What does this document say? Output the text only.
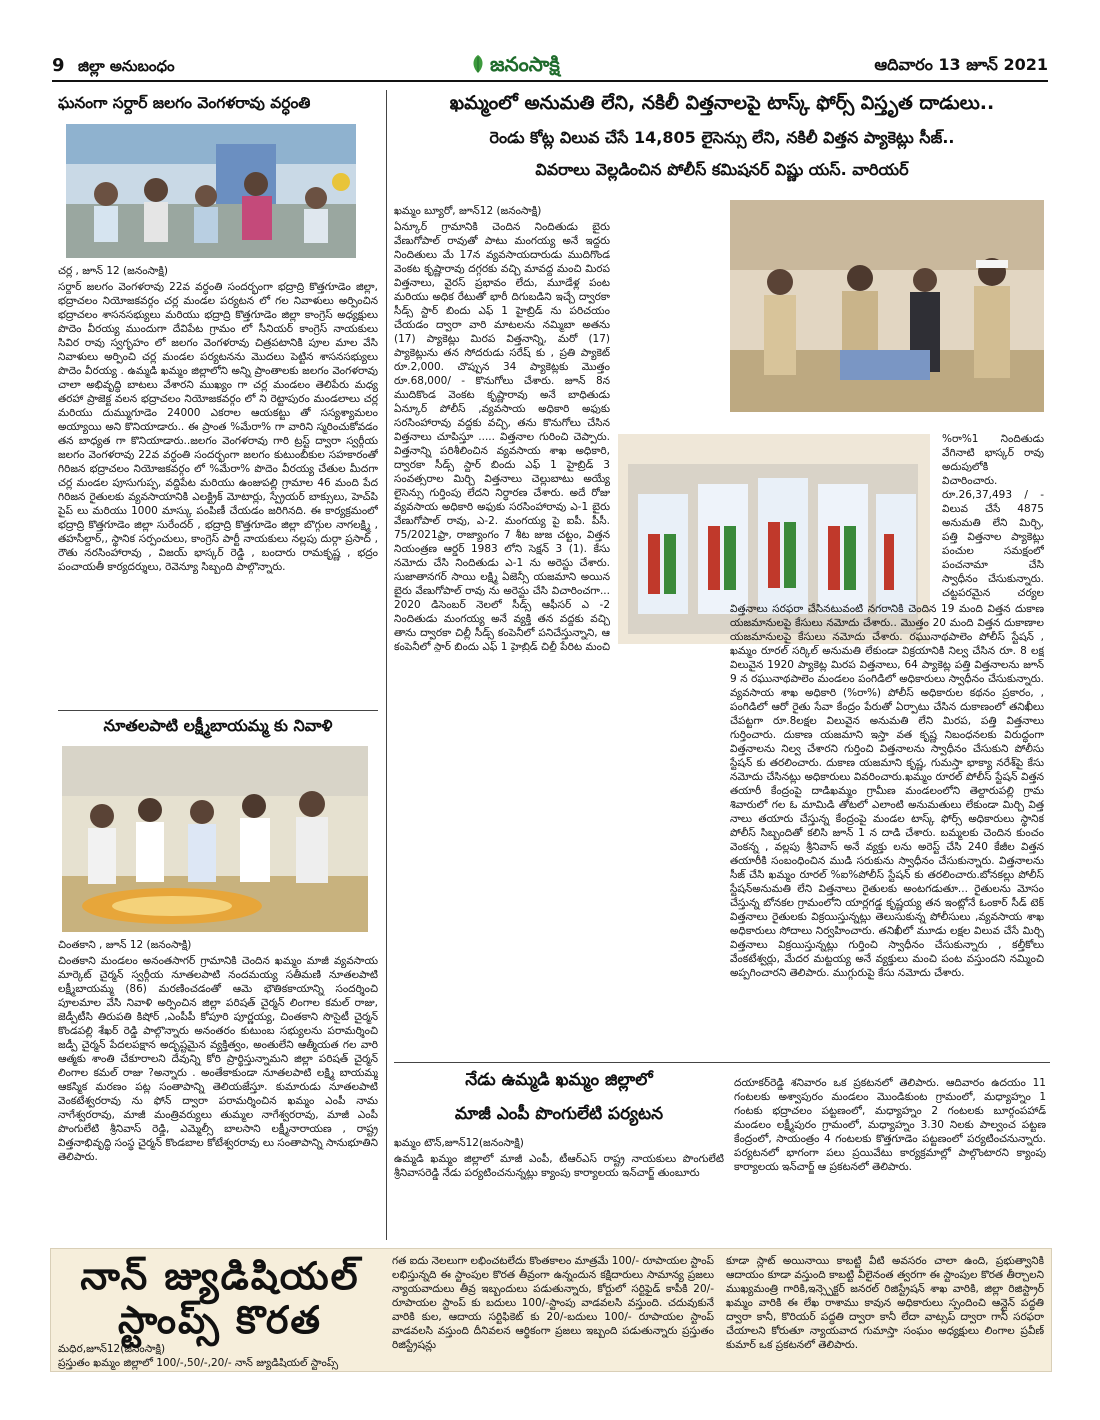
9 జిల్లా అనుబంధం	జనంసాక్షి	ఆదివారం 13 జూన్ 2021
ఘనంగా సర్దార్ జలగం వెంగళరావు వర్ధంతి
చర్ల , జూన్ 12 (జనంసాక్షి)
సర్దార్ జలగం వెంగళరావు 22వ వర్ధంతి సందర్భంగా భద్రాద్రి కొత్తగూడెం జిల్లా, భద్రాచలం నియోజకవర్గం చర్ల మండల పర్యటన లో గల నివాళులు అర్పించిన భద్రాచలం శాసనసభ్యులు మరియు భద్రాద్రి కొత్తగూడెం జిల్లా కాంగ్రెస్ అధ్యక్షులు పొదెం వీరయ్య ముందుగా దేవిపేట గ్రామం లో సీనియర్ కాంగ్రెస్ నాయకులు సివిర రావు స్వగృహం లో జలగం వెంగళరావు చిత్రపటానికి పూల మాల వేసి నివాళులు అర్పించి చర్ల మండల పర్యటనను మొదలు పెట్టిన శాసనసభ్యులు పొదెం వీరయ్య . ఉమ్మడి ఖమ్మం జిల్లాలోని అన్ని ప్రాంతాలకు జలగం వెంగళరావు చాలా అభివృద్ధి బాటలు వేశారని ముఖ్యం గా చర్ల మండలం తెలిపేరు మధ్య తరహా ప్రాజెక్ట వలన భద్రాచలం నియోజకవర్గం లో ని రెట్టాపురం మండలాలు చర్ల మరియు దుమ్ముగూడెం 24000 ఎకరాల ఆయకట్టు తో సస్యశ్యామలం అయ్యాయి అని కొనియాడారు.. ఈ ప్రాంత %మేరా% గా వారిని స్మరించుకోవడం తన బాధ్యత గా కొనియాడారు..జలగం వెంగళరావు గారి ట్రస్ట్ ద్వారా స్వర్గీయ జలగం వెంగళరావు 22వ వర్ధంతి సందర్భంగా జలగం కుటుంబీకుల సహకారంతో గిరిజన భద్రాచలం నియోజకవర్గం లో %మేరా% పొదెం వీరయ్య చేతుల మీదగా చర్ల మండల పూసుగుప్ప, వద్దిపేట మరియు ఉంజుపల్లి గ్రామాల 46 మంది పేద గిరిజన రైతులకు వ్యవసాయానికి ఎలక్ట్రిక్ మోటార్లు, స్ప్రేయర్ బాక్సులు, హెచ్‌పి పైప్ లు మరియు 1000 మాస్కు పంపిణీ చేయడం జరిగినది. ఈ కార్యక్రమంలో భద్రాద్రి కొత్తగూడెం జిల్లా సురేందర్ , భద్రాద్రి కొత్తగూడెం జిల్లా బొగ్గుల నాగలక్ష్మి , తహసీల్దార్,, స్థానిక సర్పంచులు, కాంగ్రెస్ పార్టీ నాయకులు నల్లపు దుర్గా ప్రసాద్ , రౌతు నరసింహారావు , విజయ్ భాస్కర్ రెడ్డి , బందారు రామకృష్ణ , భద్రం పంచాయతీ కార్యదర్శులు, రెవెన్యూ సిబ్బంది పాల్గొన్నారు.
నూతలపాటి లక్ష్మీబాయమ్మ కు నివాళి
చింతకాని , జూన్ 12 (జనంసాక్షి)
చింతకాని మండలం అనంతసాగర్ గ్రామానికి చెందిన ఖమ్మం మాజీ వ్యవసాయ మార్కెట్ చైర్మన్ స్వర్గీయ నూతలపాటి నందమయ్య సతీమణి నూతలపాటి లక్ష్మీబాయమ్మ (86) మరణించడంతో ఆమె భౌతికకాయాన్ని సందర్శించి పూలమాల వేసి నివాళి అర్పించిన జిల్లా పరిషత్ చైర్మన్ లింగాల కమల్ రాజు, జెడ్పీటీసి తిరుపతి కిషోర్ ,ఎంపీపీ కోపూరి పూర్ణయ్య, చింతకాని సొసైటీ చైర్మన్ కొండపల్లి శేఖర్ రెడ్డి పాల్గొన్నారు అనంతరం కుటుంబ సభ్యులను పరామర్శించి జడ్పీ చైర్మన్ పేదలపక్షాన అదృష్టమైన వ్యక్తిత్వం, అంతులేని ఆత్మీయత గల వారి ఆత్మకు శాంతి చేకూరాలని దేవున్ని కోరి ప్రార్థిస్తున్నామని జిల్లా పరిషత్ చైర్మన్ లింగాల కమల్ రాజు ?అన్నారు . అంతేకాకుండా నూతలపాటి లక్ష్మి బాయమ్మ ఆకస్మిక మరణం పట్ల సంతాపాన్ని తెలియజేస్తూ. కుమారుడు నూతలపాటి వెంకటేశ్వరరావు ను ఫోన్ ద్వారా పరామర్శించిన ఖమ్మం ఎంపీ నామ నాగేశ్వరరావు, మాజీ మంత్రివర్యులు తుమ్మల నాగేశ్వరరావు, మాజీ ఎంపీ పొంగులేటి శ్రీనివాస్ రెడ్డి, ఎమ్మెల్సీ బాలసాని లక్ష్మీనారాయణ , రాష్ట్ర విత్తనాభివృద్ధి సంస్థ చైర్మన్ కొండబాల కోటేశ్వరరావు లు సంతాపాన్ని సానుభూతిని తెలిపారు.
ఖమ్మంలో అనుమతి లేని, నకిలీ విత్తనాలపై టాస్క్ ఫోర్స్ విస్తృత దాడులు..
రెండు కోట్ల విలువ చేసే 14,805 లైసెన్సు లేని, నకిలీ విత్తన ప్యాకెట్లు సీజ్..
వివరాలు వెల్లడించిన పోలీస్ కమిషనర్ విష్ణు యస్. వారియర్
ఖమ్మం బ్యూరో, జూన్12 (జనంసాక్షి)
ఏన్కూర్ గ్రామానికి చెందిన నిందితుడు బైరు వేణుగోపాల్ రావుతో పాటు మంగయ్య అనే ఇద్దరు నిందితులు మే 17న వ్యవసాయదారుడు ముదిగొండ వెంకట కృష్ణారావు దగ్గరకు వచ్చి మావద్ద మంచి మిరప విత్తనాలు, వైరస్ ప్రభావం లేదు, మూడేళ్ల పంట మరియు అధిక రేటుతో భారీ దిగుబడిని ఇచ్చే ద్వారకా సీడ్స్ స్టార్ బిందు ఎఫ్ 1 హైబ్రిడ్ ను పరిచయం చేయడం ద్వారా వారి మాటలను నమ్మిబా అతను (17) ప్యాకెట్లు మిరప విత్తనాన్ని, మరో (17) ప్యాకెట్లును తన సోదరుడు సరేష్ కు , ప్రతి ప్యాకెట్ రూ.2,000. చొప్పున 34 ప్యాకెట్లకు మొత్తం రూ.68,000/ - కొనుగోలు చేశారు. జూన్ 8న ముదికొండ వెంకట కృష్ణారావు అనే బాధితుడు ఏన్కూర్ పోలీస్ ,వ్యవసాయ అధికారి అఫుకు సరసింహారావు వద్దకు వచ్చి, తను కొనుగోలు చేసిన విత్తనాలు చూపిస్తూ ..... విత్తనాల గురించి చెప్పారు. విత్తనాన్ని పరిశీలించిన వ్యవసాయ శాఖ అధికారి, ద్వారకా సీడ్స్ స్టార్ బిందు ఎఫ్ 1 హైబ్రిడ్ 3 సంవత్సరాల మిర్చి విత్తనాలు చెల్లుబాటు అయ్యే లైసెన్సు గుర్తింపు లేదని నిర్ధారణ చేశారు. అదే రోజు వ్యవసాయ అధికారి అఫుకు సరసింహారావు ఎ-1 బైరు వేణుగోపాల్ రావు, ఎ-2. మంగయ్య పై ఐపీ. పీసీ. 75/2021ఫ్రా, రాజ్యాంగం 7 శీట జుజ చట్టం, విత్తన నియంత్రణ ఆర్డర్ 1983 లోని సెక్షన్ 3 (1). కేసు నమోదు చేసి నిందితుడు ఎ-1 ను అరెస్టు చేశారు. సుజాతానగర్ సాయి లక్ష్మి ఏజెన్సీ యజమాని అయిన బైరు వేణుగోపాల్ రావు ను అరెస్టు చేసి విచారించగా... 2020 డిసెంబర్ నెలలో సీడ్స్ ఆఫీసర్ ఎ -2 నిందితుడు మంగయ్య అనే వ్యక్తి తన వద్దకు వచ్చి తాను ద్వారకా చిల్లీ సీడ్స్ కంపెనీలో పనిచేస్తున్నాని, ఆ కంపెనీలో స్టార్ బిందు ఎఫ్ 1 హైబ్రిడ్ చిల్లీ పేరిట మంచి
%రా%1 నిందితుడు వేగినాటి భాస్కర్ రావు అదుపులోకి విచారించారు. రూ.26,37,493 / - విలువ చేసే 4875 అనుమతి లేని మిర్చి, పత్తి విత్తనాల ప్యాకెట్లు పంచుల సమక్షంలో పంచనామా చేసి స్వాధీనం చేసుకున్నారు. చట్టపరమైన చర్యల
విత్తనాలు సరఫరా చేసినటువంటి నగరానికి చెందిన 19 మంది విత్తన దుకాణ యజమానులపై కేసులు నమోదు చేశారు.. మొత్తం 20 మంది విత్తన దుకాణాల యజమానులపై కేసులు నమోదు చేశారు. రఘునాథపాలెం పోలీస్ స్టేషన్ , ఖమ్మం రూరల్ సర్కిల్ అనుమతి లేకుండా విక్రయానికి నిల్వ చేసిన రూ. 8 లక్ష విలువైన 1920 ప్యాకెట్ల మిరప విత్తనాలు, 64 ప్యాకెట్ల పత్తి విత్తనాలను జూన్ 9 న రఘునాథపాలెం మండలం పంగిడిలో అధికారులు స్వాధీనం చేసుకున్నారు. వ్యవసాయ శాఖ అధికారి (%రా%) పోలీస్ అధికారుల కథనం ప్రకారం, , పంగిడిలో ఆరో రైతు సేవా కేంద్రం పేరుతో ఏర్పాటు చేసిన దుకాణంలో తనిఖీలు చేపట్టగా రూ.8లక్షల విలువైన అనుమతి లేని మిరప, పత్తి విత్తనాలు గుర్తించారు. దుకాణ యజమాని ఇస్తా వత కృష్ణ నిబంధనలకు విరుద్ధంగా విత్తనాలను నిల్వ చేశారని గుర్తించి విత్తనాలను స్వాధీనం చేసుకుని పోలీసు స్టేషన్ కు తరలించారు. దుకాణ యజమాని కృష్ణ, గుమస్తా భాక్యా నరేశ్‌పై కేసు నమోదు చేసినట్లు అధికారులు వివరించారు.ఖమ్మం రూరల్ పోలీస్ స్టేషన్ విత్తన తయారీ కేంద్రంపై దాడిఖమ్మం గ్రామీణ మండలంలోని తెల్దారుపల్లి గ్రామ శివారులో గల ఓ మామిడి తోటలో ఎలాంటి అనుమతులు లేకుండా మిర్చి విత్త నాలు తయారు చేస్తున్న కేంద్రంపై మండల టాస్క్ ఫోర్స్ అధికారులు స్థానిక పోలీస్ సిబ్బందితో కలిసి జూన్ 1 న దాడి చేశారు. బమ్మలకు చెందిన కుంచం వెంకన్న , వల్లపు శ్రీనివాస్ అనే వ్యక్తు లను అరెస్ట్ చేసి 240 కేజీల విత్తన తయారీకి సంబంధించిన ముడి సరుకును స్వాధీనం చేసుకున్నారు. విత్తనాలను సీజ్ చేసి ఖమ్మం రూరల్ %ఐ%పోలీస్ స్టేషన్ కు తరలించారు.బోనకల్లు పోలీస్ స్టేషన్అనుమతి లేని విత్తనాలు రైతులకు అంటగడుతూ... రైతులను మోసం చేస్తున్న బోనకల గ్రామంలోని యార్లగడ్డ కృష్ణయ్య తన ఇంట్లోనే ఓంకార్ సీడ్ టెక్ విత్తనాలు రైతులకు విక్రయిస్తున్నట్లు తెలుసుకున్న పోలీసులు ,వ్యవసాయ శాఖ అధికారులు సోదాలు నిర్వహించారు. తనిఖీలో మూడు లక్షల విలువ చేసే మిర్చి విత్తనాలు విక్రయిస్తున్నట్లు గుర్తించి స్వాధీనం చేసుకున్నారు , కల్తీకోలు వేంకటేశ్వర్లు, మేదర మట్టయ్య అనే వ్యక్తులు మంచి పంట వస్తుందని నమ్మించి అప్పగించారని తెలిపారు. ముగ్గురుపై కేసు నమోదు చేశారు.
నేడు ఉమ్మడి ఖమ్మం జిల్లాలో
మాజీ ఎంపీ పొంగులేటి పర్యటన
ఖమ్మం టౌన్,జూన్12(జనంసాక్షి)
ఉమ్మడి ఖమ్మం జిల్లాలో మాజీ ఎంపీ, టీఆర్ఎస్ రాష్ట్ర నాయకులు పొంగులేటి శ్రీనివాసరెడ్డి నేడు పర్యటించనున్నట్లు క్యాంపు కార్యాలయ ఇన్‌చార్జ్ తుంబూరు
దయాకర్‌రెడ్డి శనివారం ఒక ప్రకటనలో తెలిపారు. ఆదివారం ఉదయం 11 గంటలకు అశ్వాపురం మండలం మొండికుంట గ్రామంలో, మధ్యాహ్నం 1 గంటకు భద్రాచలం పట్టణంలో, మధ్యాహ్నం 2 గంటలకు బూర్గంపహాడ్ మండలం లక్ష్మీపురం గ్రామంలో, మధ్యాహ్నం 3.30 నిలకు పాల్వంచ పట్టణ కేంద్రంలో, సాయంత్రం 4 గంటలకు కొత్తగూడెం పట్టణంలో పర్యటించనున్నారు. పర్యటనలో భాగంగా పలు ప్రయివేటు కార్యక్రమాల్లో పాల్గొంటారని క్యాంపు కార్యాలయ ఇన్‌చార్జ్ ఆ ప్రకటనలో తెలిపారు.
నాన్ జ్యుడిషియల్
స్టాంప్స్ కొరత
మధిర,జూన్12(జనంసాక్షి)
ప్రస్తుతం ఖమ్మం జిల్లాలో 100/-,50/-,20/- నాన్ జ్యుడిషియల్ స్టాంప్స్
గత ఐదు నెలలుగా లభించటలేదు కొంతకాలం మాత్రమే 100/- రూపాయల స్టాంప్ లభిస్తున్నది ఈ స్టాంపుల కొరత తీవ్రంగా ఉన్నందున కక్షిదారులు సామాన్య ప్రజలు న్యాయవాదులు తీవ్ర ఇబ్బందులు పడుతున్నారు, కోర్టులో సర్టిఫైడ్ కాపీకి 20/-రూపాయల స్టాంప్ కు బదులు 100/-స్టాంపు వాడవలసి వస్తుంది. చదువుకునే వారికి కుల, ఆదాయ సర్టిఫికెట్ కు 20/-బదులు 100/- రూపాయల స్టాంప్ వాడవలసి వస్తుంది దీనివలన ఆర్థికంగా ప్రజలు ఇబ్బంది పడుతున్నారు ప్రస్తుతం రిజిస్ట్రేషన్లు
కూడా స్లాట్ అయినాయి కాబట్టి వీటి అవసరం చాలా ఉంది, ప్రభుత్వానికి ఆదాయం కూడా వస్తుంది కాబట్టి వీలైనంత త్వరగా ఈ స్టాంపుల కొరత తీర్చాలని ముఖ్యమంత్రి గారికి,ఇన్స్పెక్టర్ జనరల్ రిజిస్ట్రేషన్ శాఖ వారికి, జిల్లా రిజిస్ట్రార్ ఖమ్మం వారికి ఈ లేఖ రాశాము కావున అధికారులు స్పందించి ఆన్లైన్ పద్ధతి ద్వారా కానీ, కొరియర్ పద్ధతి ద్వారా కానీ లేదా వాట్సప్ ద్వారా గానీ సరఫరా చేయాలని కోరుతూ న్యాయవాద గుమాస్తా సంఘం అధ్యక్షులు లింగాల ప్రవీణ్ కుమార్ ఒక ప్రకటనలో తెలిపారు.
